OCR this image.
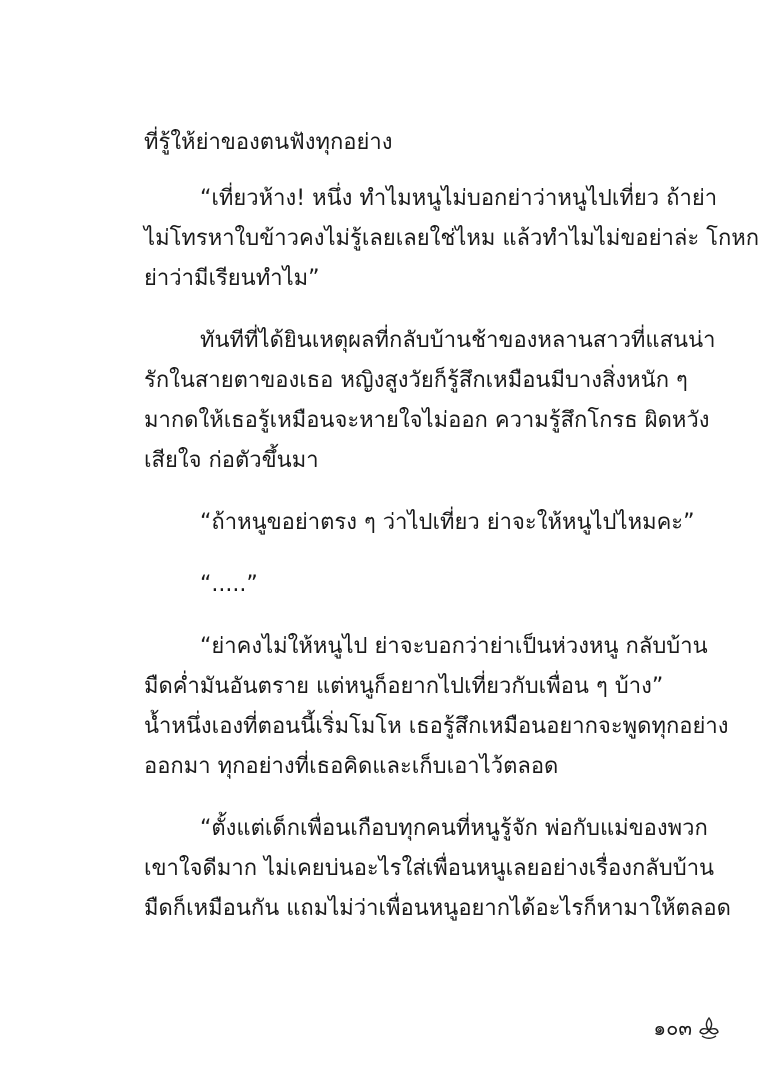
ที่รู้ให้ย่าของตนฟังทุกอย่าง
“เที่ยวห้าง! หนึ่ง ทำไมหนูไม่บอกย่าว่าหนูไปเที่ยว ถ้าย่า
ไม่โทรหาใบข้าวคงไม่รู้เลยเลยใช่ไหม แล้วทำไมไม่ขอย่าล่ะ โกหก
ย่าว่ามีเรียนทำไม”
ทันทีที่ได้ยินเหตุผลที่กลับบ้านช้าของหลานสาวที่แสนน่า
รักในสายตาของเธอ หญิงสูงวัยก็รู้สึกเหมือนมีบางสิ่งหนัก ๆ
มากดให้เธอรู้เหมือนจะหายใจไม่ออก ความรู้สึกโกรธ ผิดหวัง
เสียใจ ก่อตัวขึ้นมา
“ถ้าหนูขอย่าตรง ๆ ว่าไปเที่ยว ย่าจะให้หนูไปไหมคะ”
“.....”
“ย่าคงไม่ให้หนูไป ย่าจะบอกว่าย่าเป็นห่วงหนู กลับบ้าน
มืดค่ำมันอันตราย แต่หนูก็อยากไปเที่ยวกับเพื่อน ๆ บ้าง”
น้ำหนึ่งเองที่ตอนนี้เริ่มโมโห เธอรู้สึกเหมือนอยากจะพูดทุกอย่าง
ออกมา ทุกอย่างที่เธอคิดและเก็บเอาไว้ตลอด
“ตั้งแต่เด็กเพื่อนเกือบทุกคนที่หนูรู้จัก พ่อกับแม่ของพวก
เขาใจดีมาก ไม่เคยบ่นอะไรใส่เพื่อนหนูเลยอย่างเรื่องกลับบ้าน
มืดก็เหมือนกัน แถมไม่ว่าเพื่อนหนูอยากได้อะไรก็หามาให้ตลอด
๑๐๓
